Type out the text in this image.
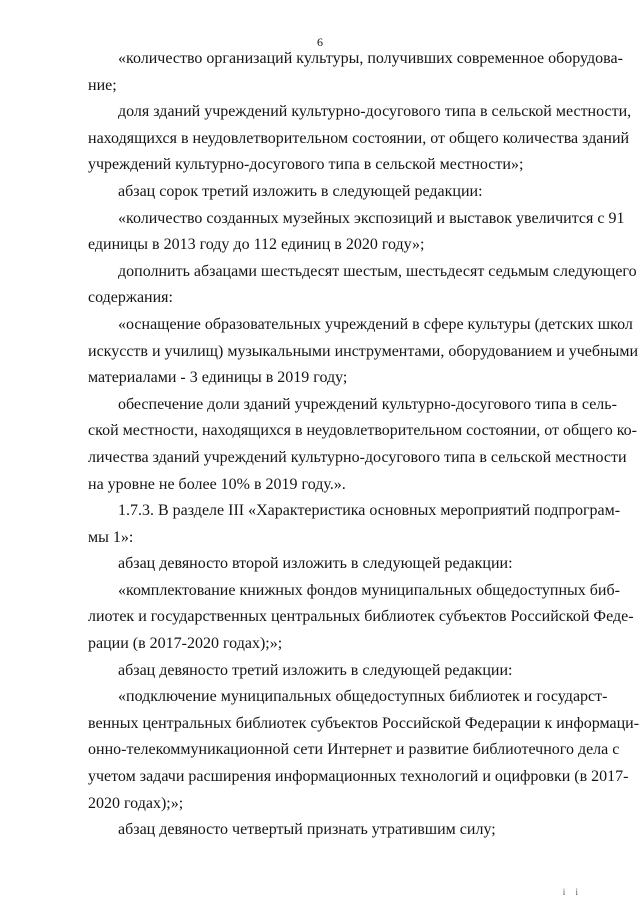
6

«количество организаций культуры, получивших современное оборудова-
ние;

доля зданий учреждений культурно-досугового типа в сельской местности,
находящихся в неудовлетворительном состоянии, от общего количества зданий
учреждений культурно-досугового типа в сельской местности»;

абзац сорок третий изложить в следующей редакции:

«количество созданных музейных экспозиций и выставок увеличится с 91
единицы в 2013 году до 112 единиц в 2020 году»;

дополнить абзацами шестьдесят шестым, шестьдесят седьмым следующего
содержания:

«оснащение образовательных учреждений в сфере культуры (детских школ
искусств и училищ) музыкальными инструментами, оборудованием и учебными
материалами - 3 единицы в 2019 году;

обеспечение доли зданий учреждений культурно-досугового типа в сель-
ской местности, находящихся в неудовлетворительном состоянии, от общего ко-
личества зданий учреждений культурно-досугового типа в сельской местности
на уровне не более 10% в 2019 году.».

1.7.3. В разделе III «Характеристика основных мероприятий подпрограм-
мы 1»:

абзац девяносто второй изложить в следующей редакции:

«комплектование книжных фондов муниципальных общедоступных биб-
лиотек и государственных центральных библиотек субъектов Российской Феде-
рации (в 2017-2020 годах);»;

абзац девяносто третий изложить в следующей редакции:

«подключение муниципальных общедоступных библиотек и государст-
венных центральных библиотек субъектов Российской Федерации к информаци-
онно-телекоммуникационной сети Интернет и развитие библиотечного дела с
учетом задачи расширения информационных технологий и оцифровки (в 2017-
2020 годах);»;

абзац девяносто четвертый признать утратившим силу;

i i
